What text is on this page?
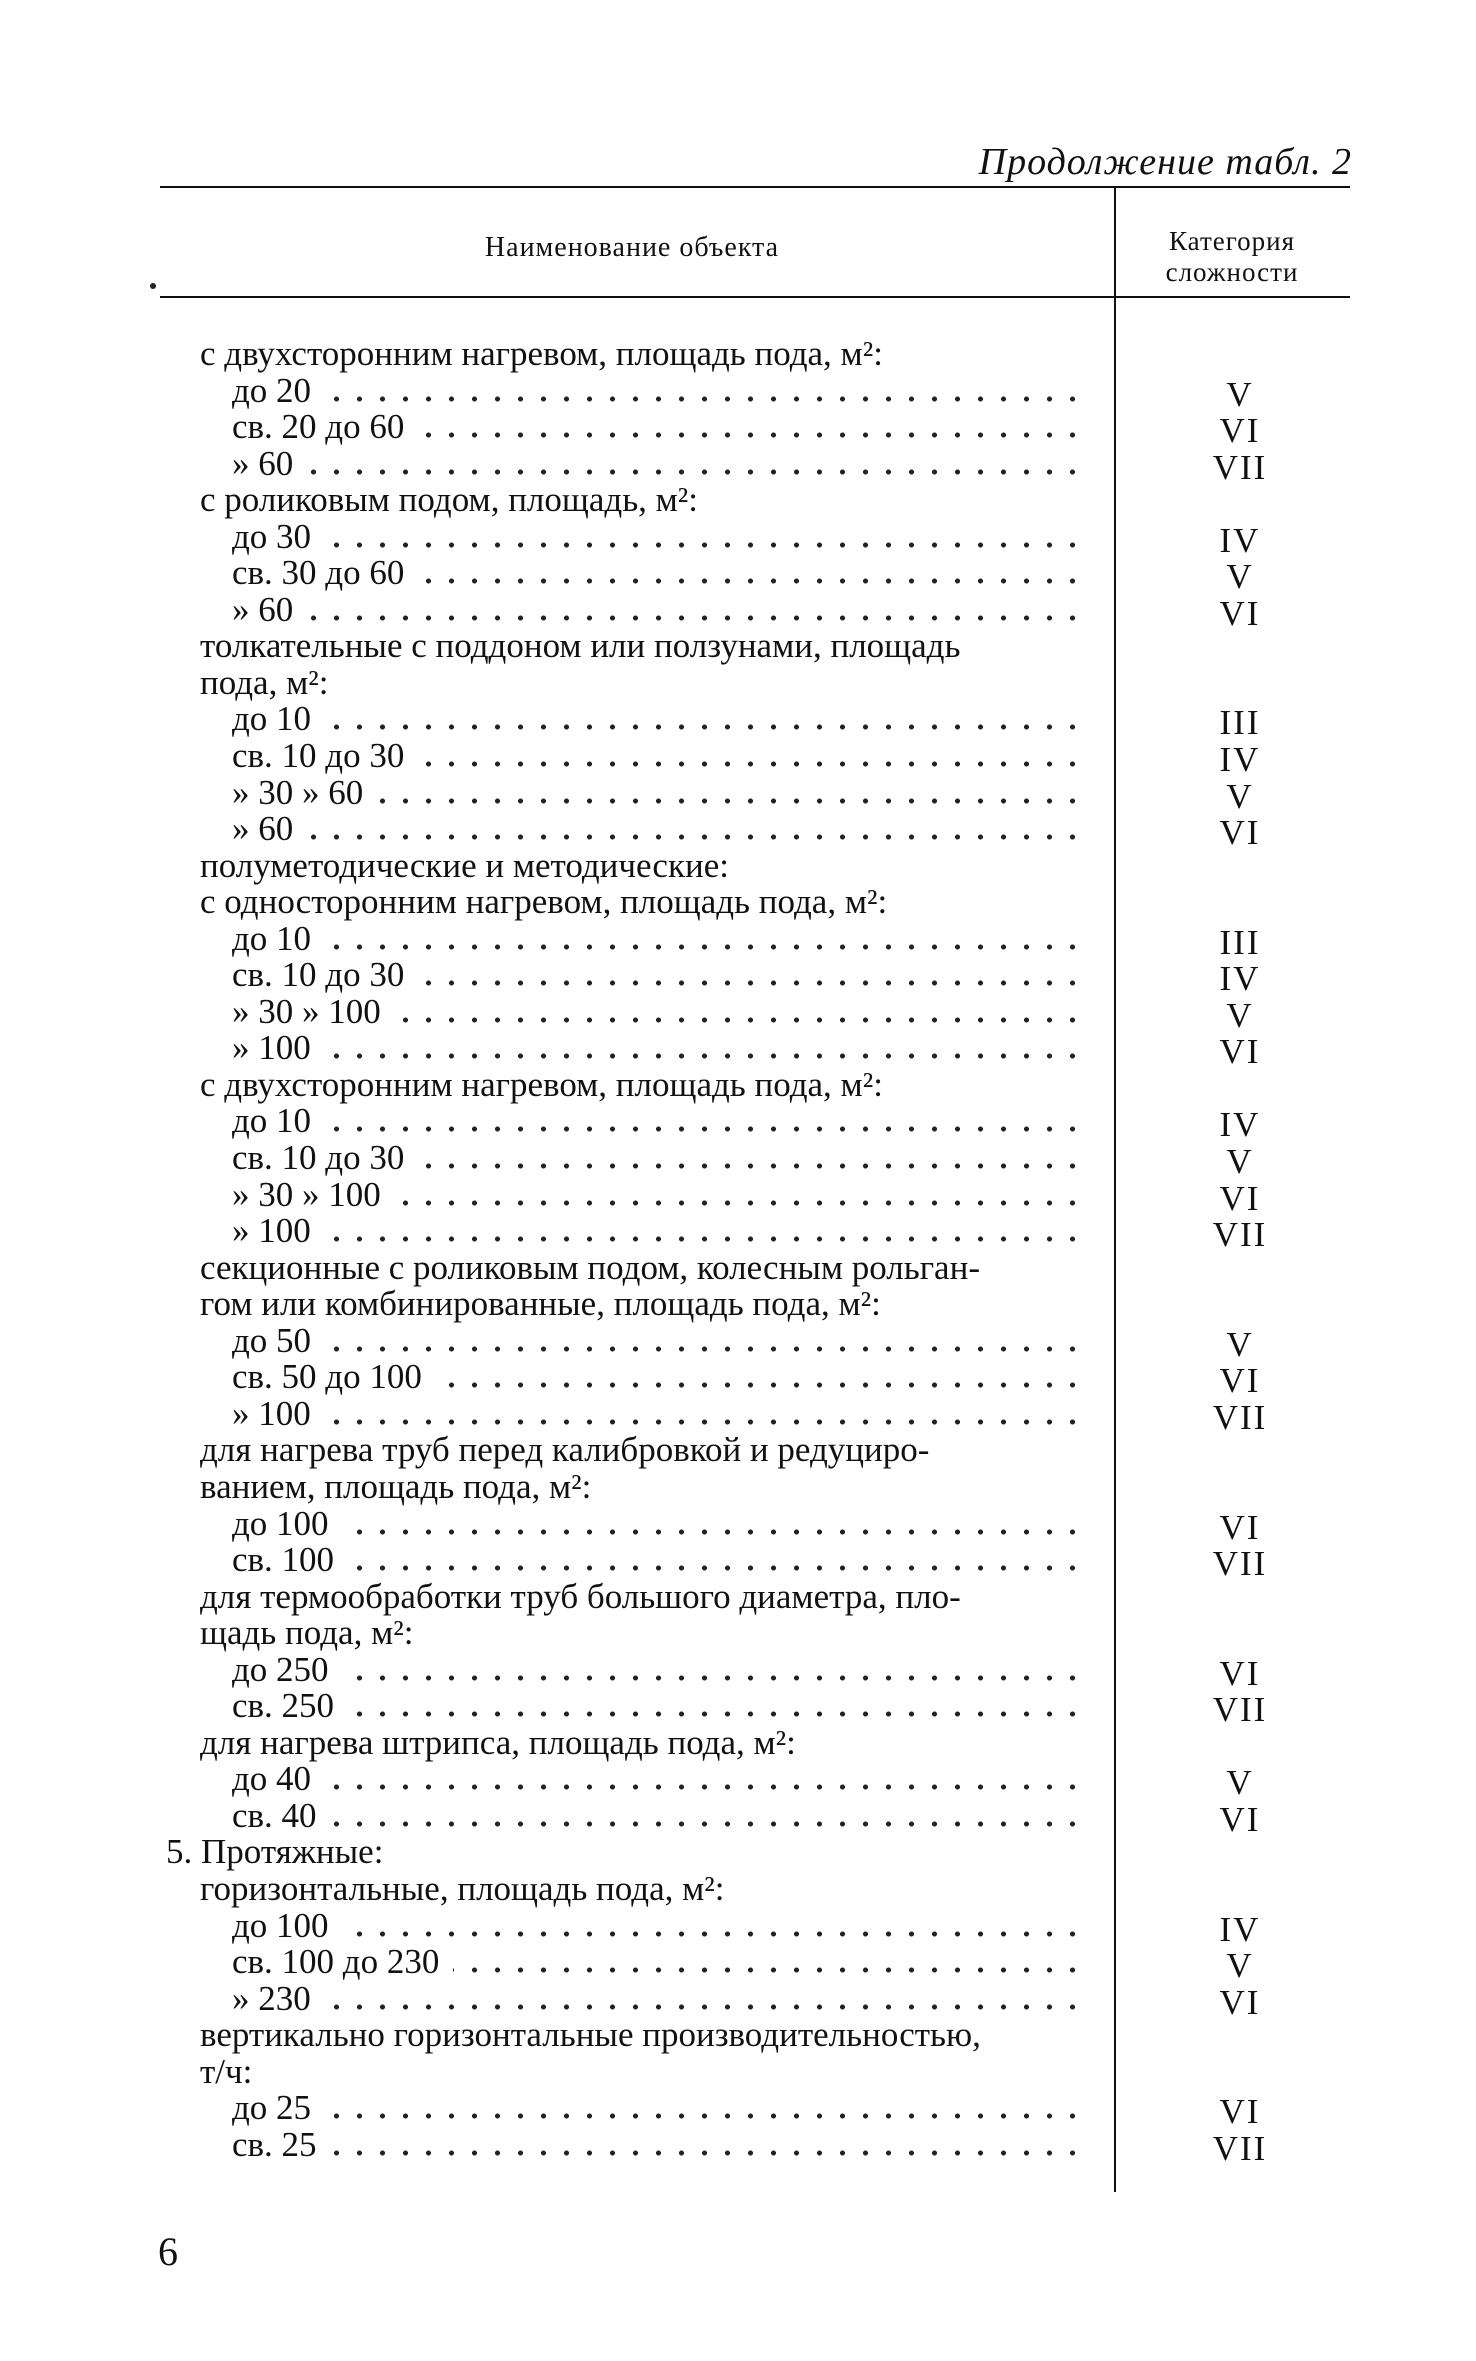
Продолжение табл. 2
Наименование объекта	Категория
сложности
с двухсторонним нагревом, площадь пода, м²:
до 20	V
св. 20 до 60	VI
» 60	VII
с роликовым подом, площадь, м²:
до 30	IV
св. 30 до 60	V
» 60	VI
толкательные с поддоном или ползунами, площадь
пода, м²:
до 10	III
св. 10 до 30	IV
» 30 » 60	V
» 60	VI
полуметодические и методические:
с односторонним нагревом, площадь пода, м²:
до 10	III
св. 10 до 30	IV
» 30 » 100	V
» 100	VI
с двухсторонним нагревом, площадь пода, м²:
до 10	IV
св. 10 до 30	V
» 30 » 100	VI
» 100	VII
секционные с роликовым подом, колесным рольган-
гом или комбинированные, площадь пода, м²:
до 50	V
св. 50 до 100	VI
» 100	VII
для нагрева труб перед калибровкой и редуциро-
ванием, площадь пода, м²:
до 100	VI
св. 100	VII
для термообработки труб большого диаметра, пло-
щадь пода, м²:
до 250	VI
св. 250	VII
для нагрева штрипса, площадь пода, м²:
до 40	V
св. 40	VI
5. Протяжные:
горизонтальные, площадь пода, м²:
до 100	IV
св. 100 до 230	V
» 230	VI
вертикально горизонтальные производительностью,
т/ч:
до 25	VI
св. 25	VII
6
